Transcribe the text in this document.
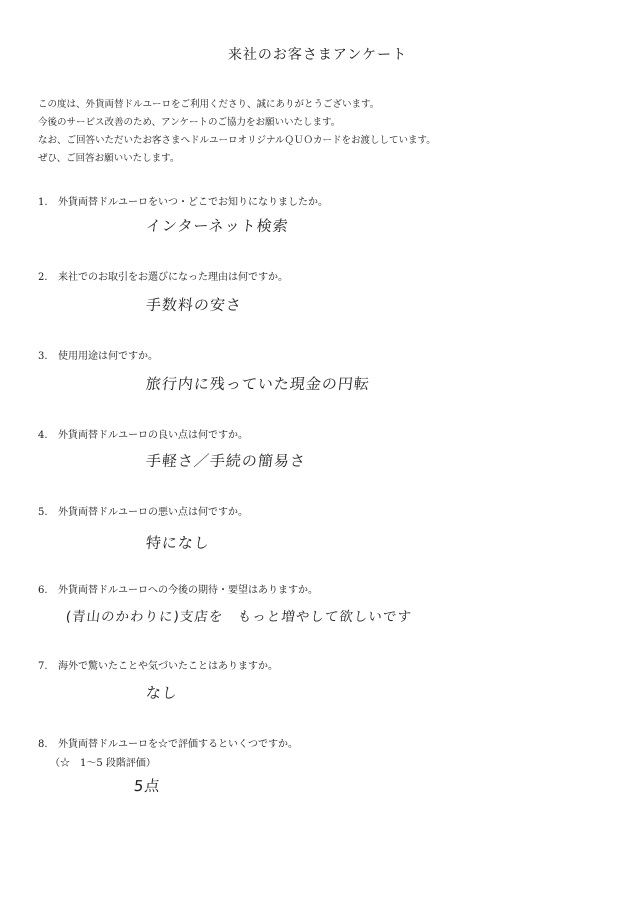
来社のお客さまアンケート
この度は、外貨両替ドルユーロをご利用くださり、誠にありがとうございます。
今後のサービス改善のため、アンケートのご協力をお願いいたします。
なお、ご回答いただいたお客さまへドルユーロオリジナルＱＵＯカードをお渡ししています。
ぜひ、ご回答お願いいたします。
1. 外貨両替ドルユーロをいつ・どこでお知りになりましたか。
インターネット検索
2. 来社でのお取引をお選びになった理由は何ですか。
手数料の安さ
3. 使用用途は何ですか。
旅行内に残っていた現金の円転
4. 外貨両替ドルユーロの良い点は何ですか。
手軽さ／手続の簡易さ
5. 外貨両替ドルユーロの悪い点は何ですか。
特になし
6. 外貨両替ドルユーロへの今後の期待・要望はありますか。
(青山のかわりに)支店を　もっと増やして欲しいです
7. 海外で驚いたことや気づいたことはありますか。
なし
8. 外貨両替ドルユーロを☆で評価するといくつですか。
（☆　1〜5 段階評価）
5点
